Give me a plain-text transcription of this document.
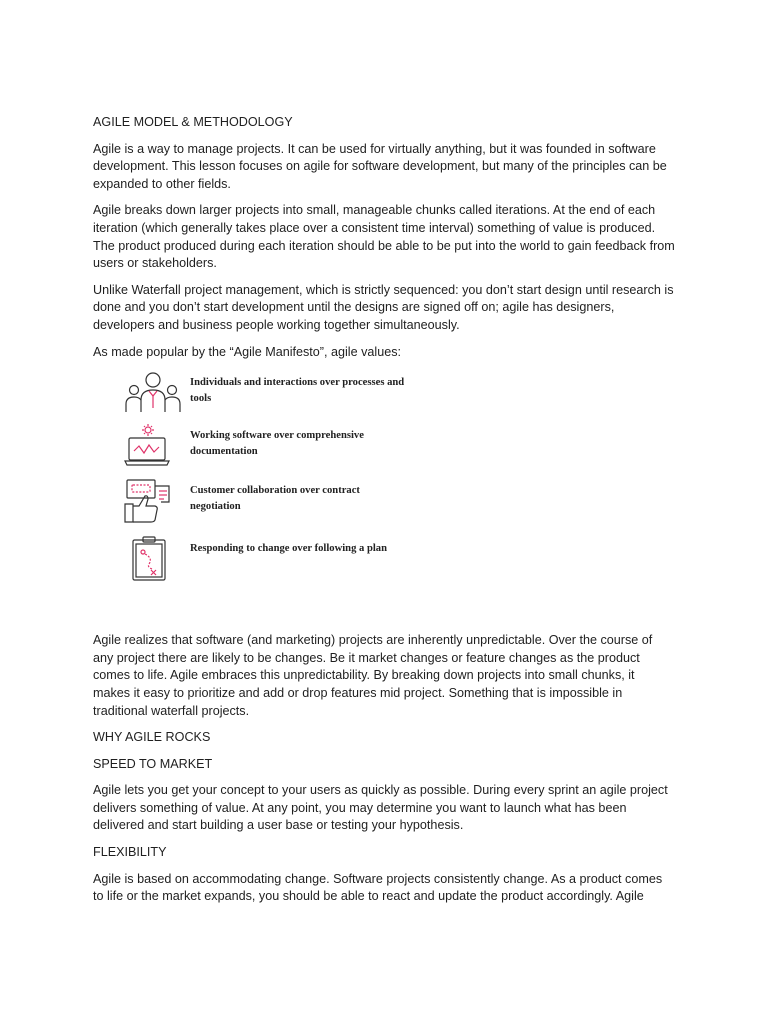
AGILE MODEL & METHODOLOGY

Agile is a way to manage projects. It can be used for virtually anything, but it was founded in software development. This lesson focuses on agile for software development, but many of the principles can be expanded to other fields.

Agile breaks down larger projects into small, manageable chunks called iterations. At the end of each iteration (which generally takes place over a consistent time interval) something of value is produced. The product produced during each iteration should be able to be put into the world to gain feedback from users or stakeholders.

Unlike Waterfall project management, which is strictly sequenced: you don’t start design until research is done and you don’t start development until the designs are signed off on; agile has designers, developers and business people working together simultaneously.

As made popular by the “Agile Manifesto”, agile values:

Individuals and interactions over processes and tools
Working software over comprehensive documentation
Customer collaboration over contract negotiation
Responding to change over following a plan

Agile realizes that software (and marketing) projects are inherently unpredictable. Over the course of any project there are likely to be changes. Be it market changes or feature changes as the product comes to life. Agile embraces this unpredictability. By breaking down projects into small chunks, it makes it easy to prioritize and add or drop features mid project. Something that is impossible in traditional waterfall projects.

WHY AGILE ROCKS

SPEED TO MARKET

Agile lets you get your concept to your users as quickly as possible. During every sprint an agile project delivers something of value. At any point, you may determine you want to launch what has been delivered and start building a user base or testing your hypothesis.

FLEXIBILITY

Agile is based on accommodating change. Software projects consistently change. As a product comes to life or the market expands, you should be able to react and update the product accordingly. Agile
